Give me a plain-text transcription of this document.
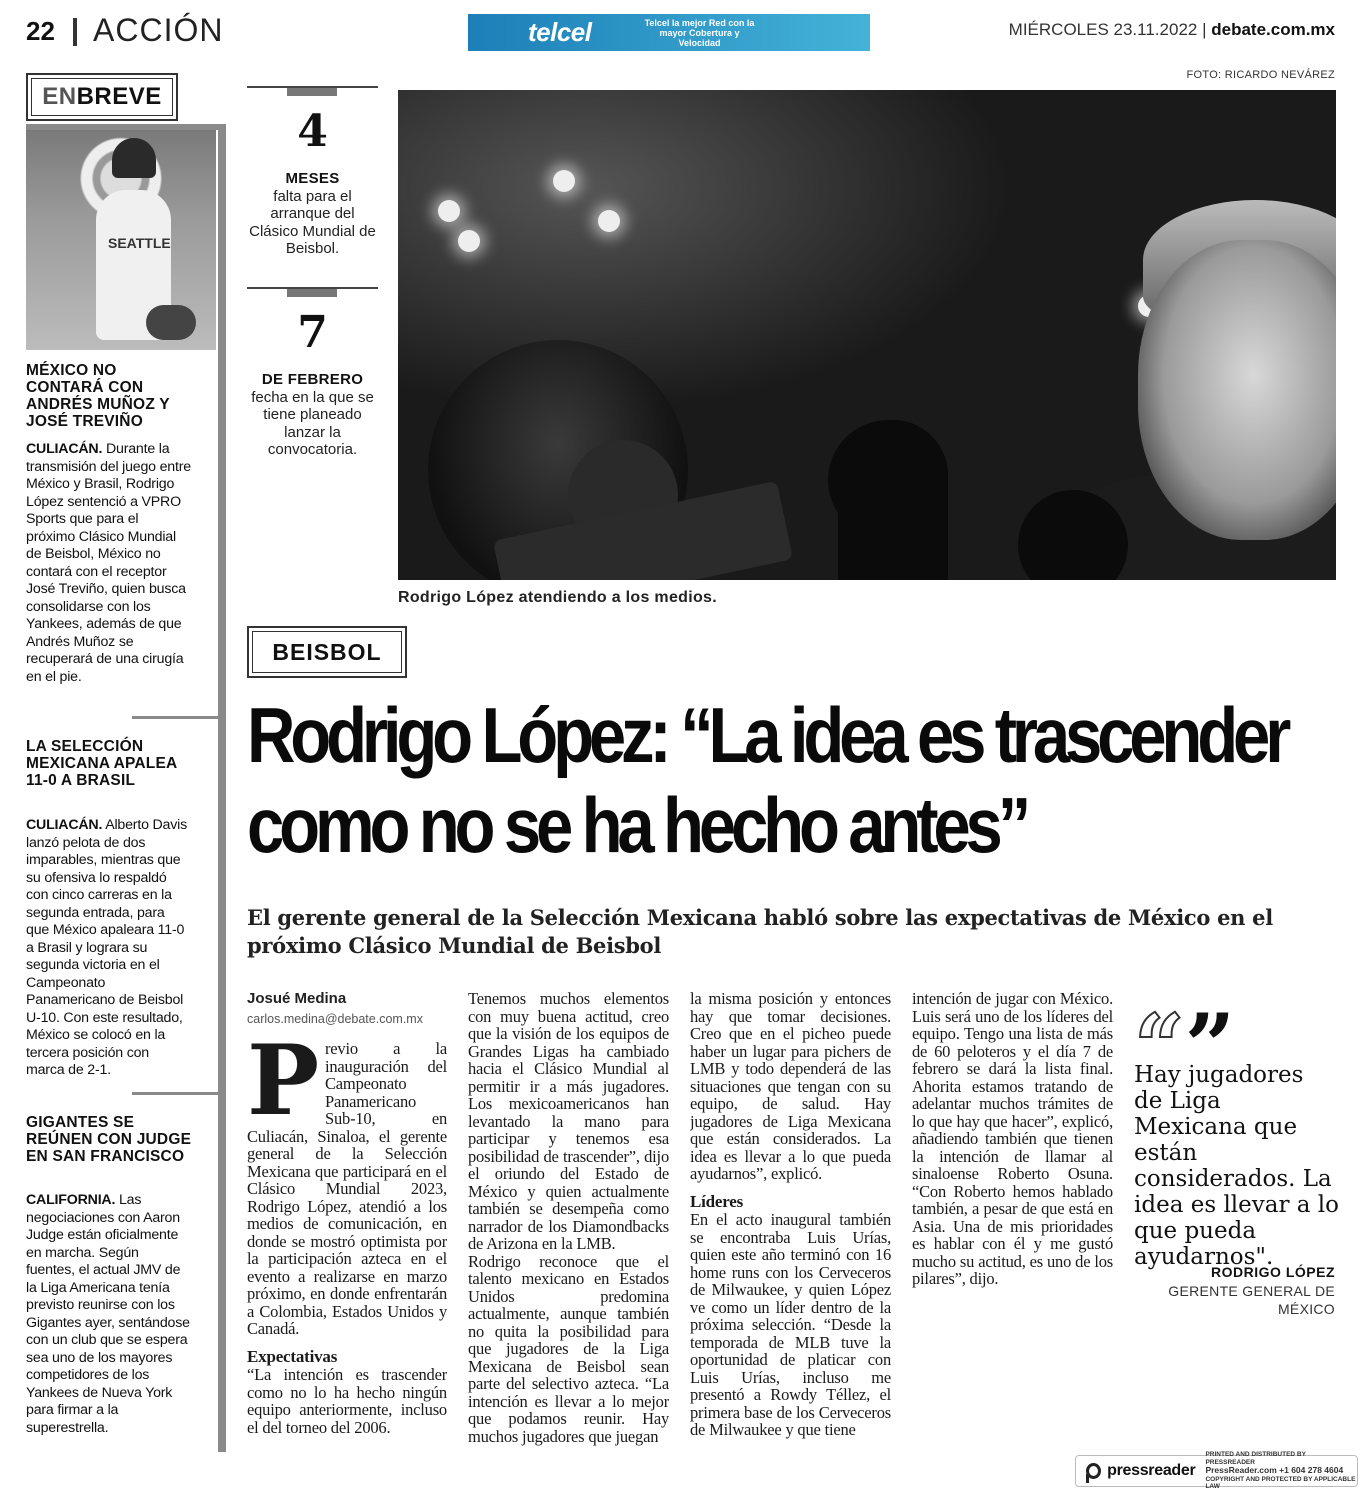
22 ACCIÓN	telcel	Telcel la mejor Red con la mayor Cobertura y Velocidad
MIÉRCOLES 23.11.2022 | debate.com.mx
FOTO: RICARDO NEVÁREZ
EN BREVE
SEATTLE
MÉXICO NO CONTARÁ CON ANDRÉS MUÑOZ Y JOSÉ TREVIÑO
CULIACÁN. Durante la transmisión del juego entre México y Brasil, Rodrigo López sentenció a VPRO Sports que para el próximo Clásico Mundial de Beisbol, México no contará con el receptor José Treviño, quien busca consolidarse con los Yankees, además de que Andrés Muñoz se recuperará de una cirugía en el pie.
LA SELECCIÓN MEXICANA APALEA 11-0 A BRASIL
CULIACÁN. Alberto Davis lanzó pelota de dos imparables, mientras que su ofensiva lo respaldó con cinco carreras en la segunda entrada, para que México apaleara 11-0 a Brasil y lograra su segunda victoria en el Campeonato Panamericano de Beisbol U-10. Con este resultado, México se colocó en la tercera posición con marca de 2-1.
GIGANTES SE REÚNEN CON JUDGE EN SAN FRANCISCO
CALIFORNIA. Las negociaciones con Aaron Judge están oficialmente en marcha. Según fuentes, el actual JMV de la Liga Americana tenía previsto reunirse con los Gigantes ayer, sentándose con un club que se espera sea uno de los mayores competidores de los Yankees de Nueva York para firmar a la superestrella.
4
MESES
falta para el arranque del Clásico Mundial de Beisbol.
7
DE FEBRERO
fecha en la que se tiene planeado lanzar la convocatoria.
Rodrigo López atendiendo a los medios.
BEISBOL
Rodrigo López: “La idea es trascender como no se ha hecho antes”
El gerente general de la Selección Mexicana habló sobre las expectativas de México en el próximo Clásico Mundial de Beisbol
Josué Medina
carlos.medina@debate.com.mx

Previo a la inauguración del Campeonato Panamericano Sub-10, en Culiacán, Sinaloa, el gerente general de la Selección Mexicana que participará en el Clásico Mundial 2023, Rodrigo López, atendió a los medios de comunicación, en donde se mostró optimista por la participación azteca en el evento a realizarse en marzo próximo, en donde enfrentarán a Colombia, Estados Unidos y Canadá.

Expectativas

“La intención es trascender como no lo ha hecho ningún equipo anteriormente, incluso el del torneo del 2006.

Tenemos muchos elementos con muy buena actitud, creo que la visión de los equipos de Grandes Ligas ha cambiado hacia el Clásico Mundial al permitir ir a más jugadores. Los mexicoamericanos han levantado la mano para participar y tenemos esa posibilidad de trascender”, dijo el oriundo del Estado de México y quien actualmente también se desempeña como narrador de los Diamondbacks de Arizona en la LMB.

Rodrigo reconoce que el talento mexicano en Estados Unidos predomina actualmente, aunque también no quita la posibilidad para que jugadores de la Liga Mexicana de Beisbol sean parte del selectivo azteca. “La intención es llevar a lo mejor que podamos reunir. Hay muchos jugadores que juegan

la misma posición y entonces hay que tomar decisiones. Creo que en el picheo puede haber un lugar para pichers de LMB y todo dependerá de las situaciones que tengan con su equipo, de salud. Hay jugadores de Liga Mexicana que están considerados. La idea es llevar a lo que pueda ayudarnos”, explicó.

Líderes

En el acto inaugural también se encontraba Luis Urías, quien este año terminó con 16 home runs con los Cerveceros de Milwaukee, y quien López ve como un líder dentro de la próxima selección. “Desde la temporada de MLB tuve la oportunidad de platicar con Luis Urías, incluso me presentó a Rowdy Téllez, el primera base de los Cerveceros de Milwaukee y que tiene

“”
Hay jugadores de Liga Mexicana que están considerados. La idea es llevar a lo que pueda ayudarnos".
RODRIGO LÓPEZ
GERENTE GENERAL DE MÉXICO
pressreader
PRINTED AND DISTRIBUTED BY PRESSREADER
PressReader.com +1 604 278 4604
COPYRIGHT AND PROTECTED BY APPLICABLE LAW

intención de jugar con México. Luis será uno de los líderes del equipo. Tengo una lista de más de 60 peloteros y el día 7 de febrero se dará la lista final. Ahorita estamos tratando de adelantar muchos trámites de lo que hay que hacer”, explicó, añadiendo también que tienen la intención de llamar al sinaloense Roberto Osuna. “Con Roberto hemos hablado también, a pesar de que está en Asia. Una de mis prioridades es hablar con él y me gustó mucho su actitud, es uno de los pilares”, dijo.
